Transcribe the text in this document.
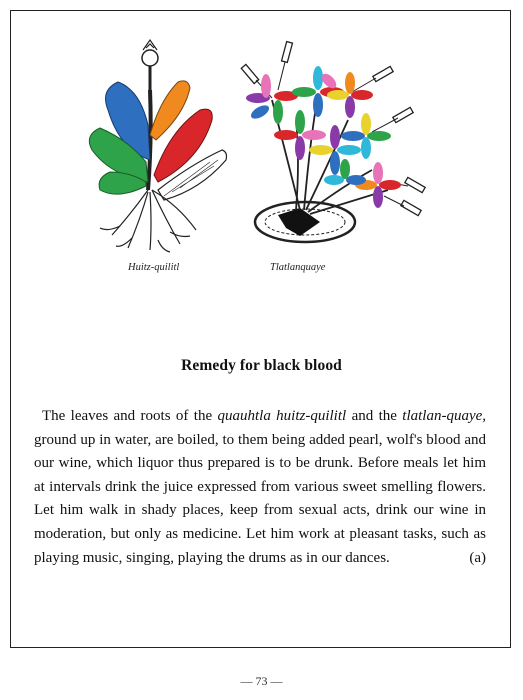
Huitz-quilitl	Tlatlanquaye
Remedy for black blood
The leaves and roots of the quauhtla huitz-quilitl and the tlatlan-quaye, ground up in water, are boiled, to them being added pearl, wolf's blood and our wine, which liquor thus prepared is to be drunk. Before meals let him at intervals drink the juice expressed from various sweet smelling flowers. Let him walk in shady places, keep from sexual acts, drink our wine in moderation, but only as medicine. Let him work at pleasant tasks, such as playing music, singing, playing the drums as in our dances.	(a)
— 73 —
